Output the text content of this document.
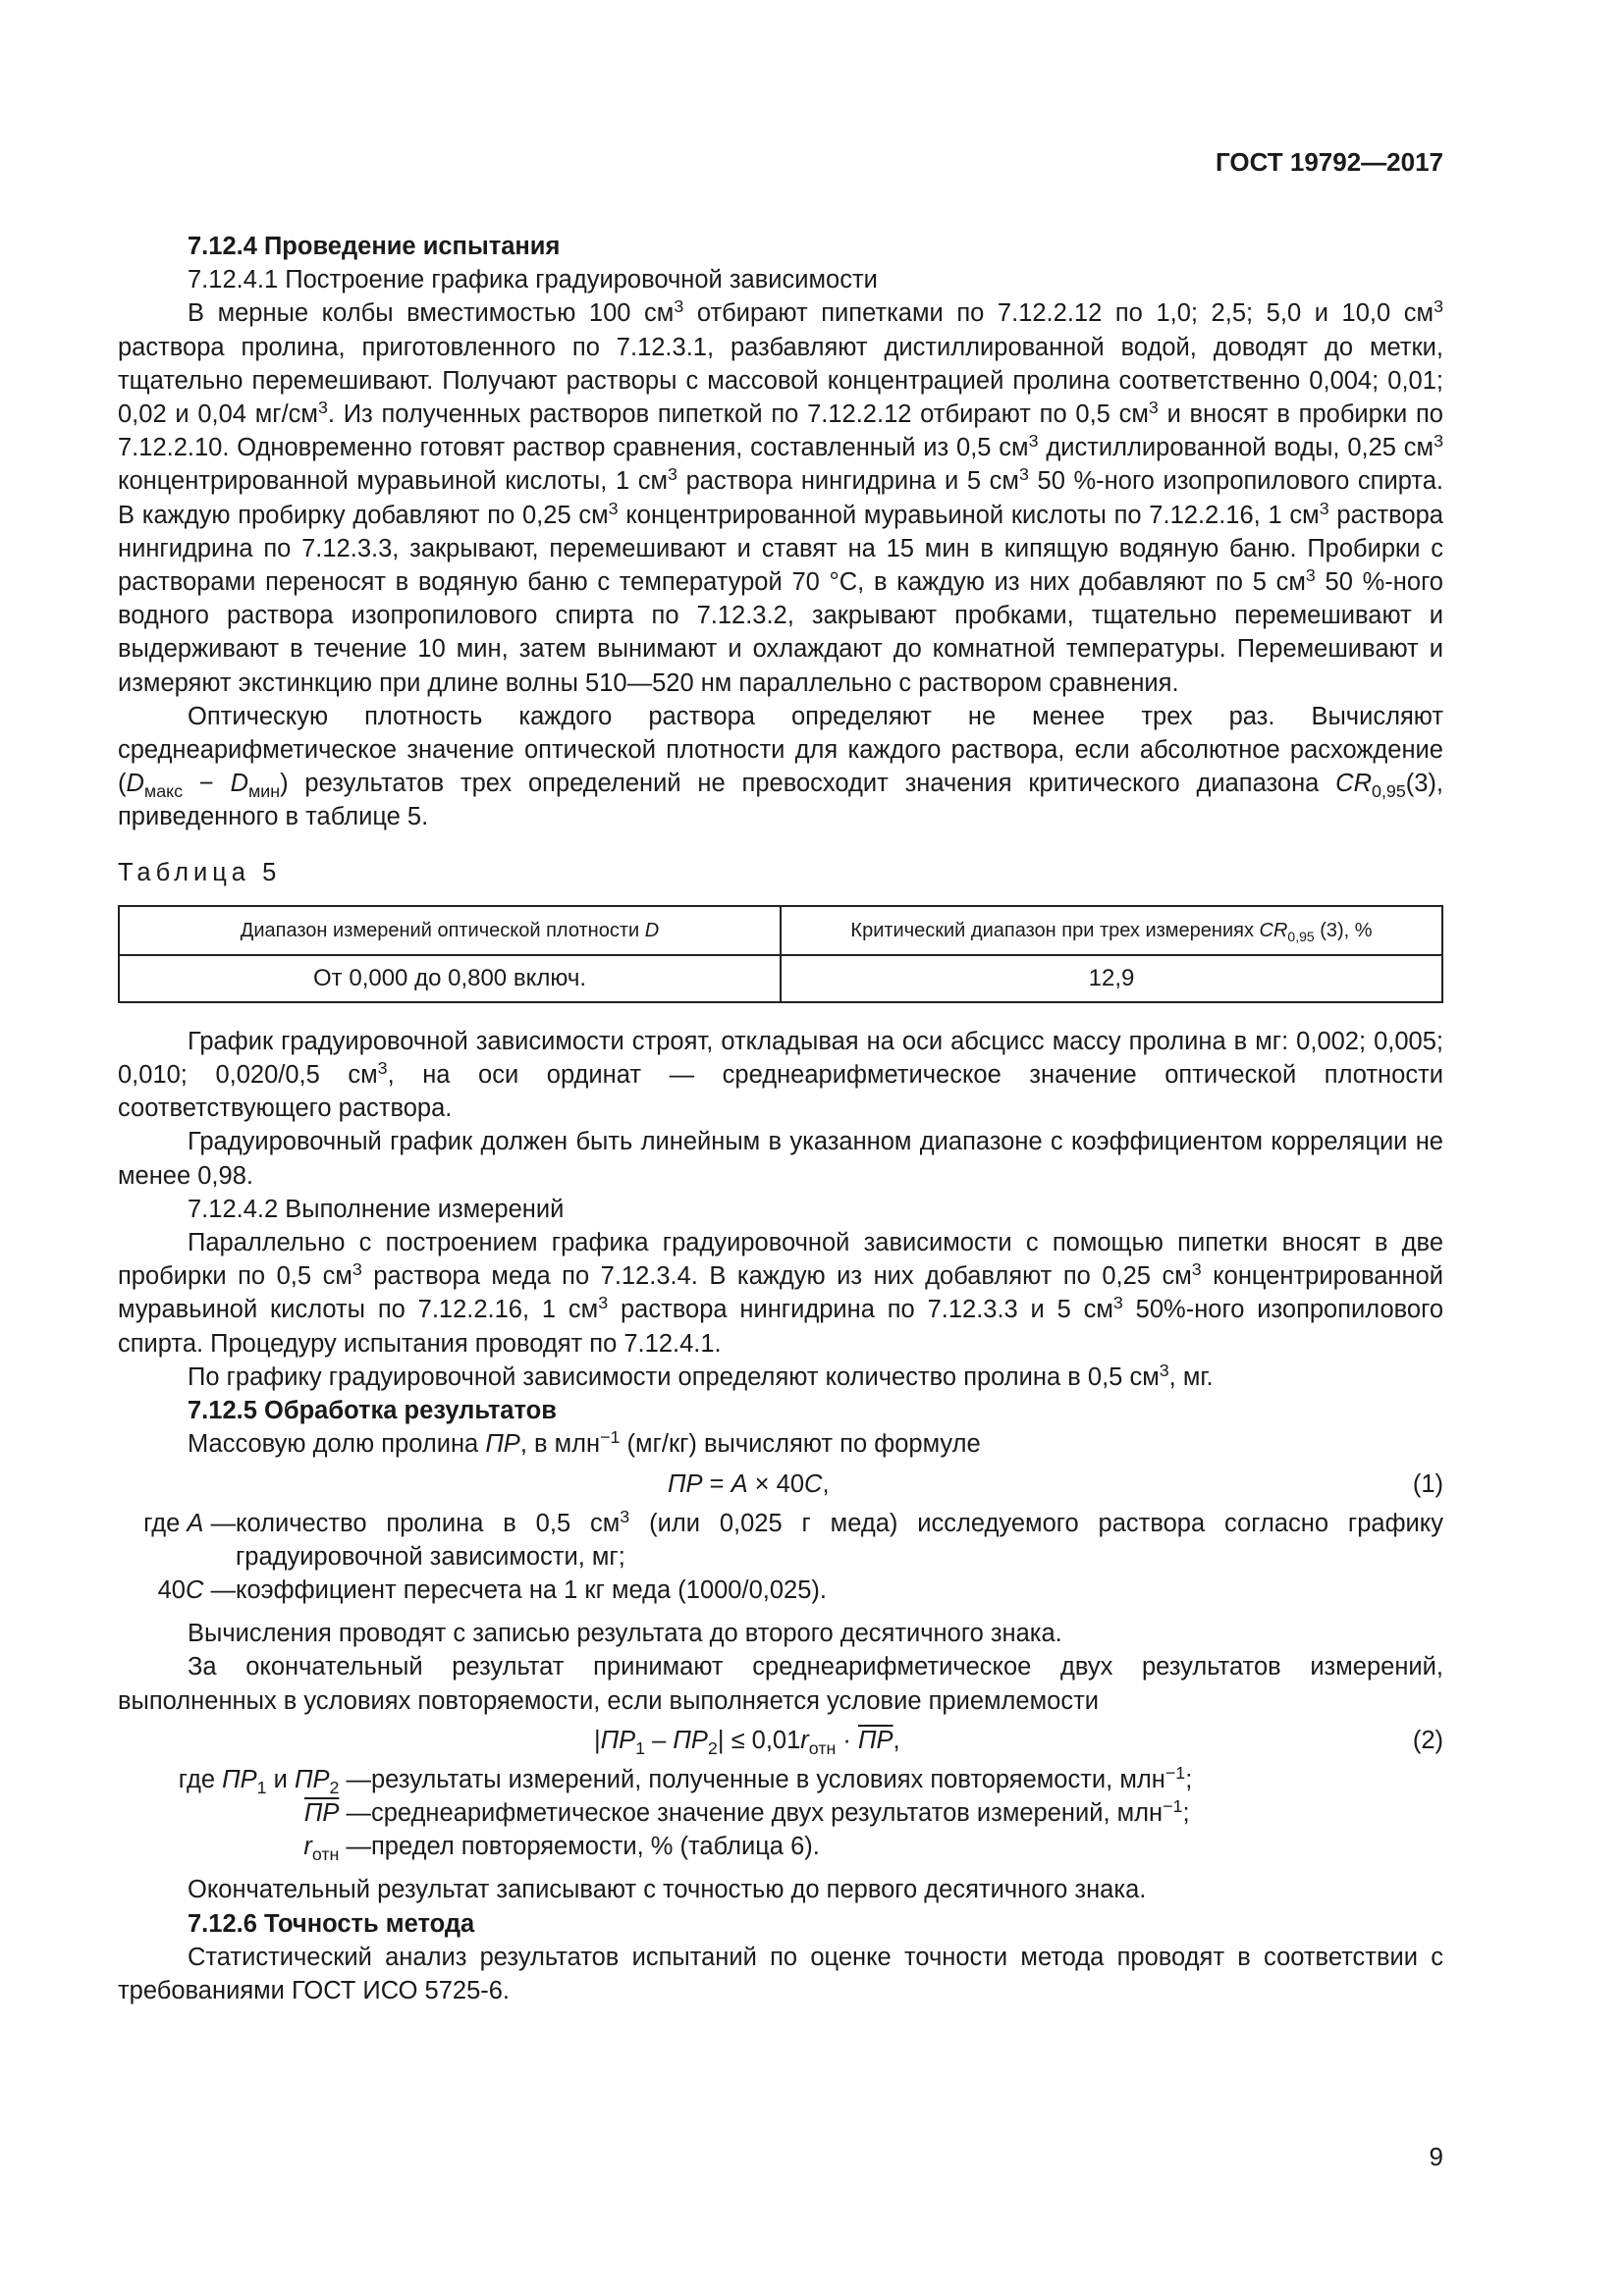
ГОСТ 19792—2017

7.12.4 Проведение испытания

7.12.4.1 Построение графика градуировочной зависимости

В мерные колбы вместимостью 100 $см^3$ отбирают пипетками по 7.12.2.12 по 1,0; 2,5; 5,0 и 10,0 $см^3$ раствора пролина, приготовленного по 7.12.3.1, разбавляют дистиллированной водой, доводят до метки, тщательно перемешивают. Получают растворы с массовой концентрацией пролина соответственно 0,004; 0,01; 0,02 и 0,04 $мг/см^3$. Из полученных растворов пипеткой по 7.12.2.12 отбирают по 0,5 $см^3$ и вносят в пробирки по 7.12.2.10. Одновременно готовят раствор сравнения, составленный из 0,5 $см^3$ дистиллированной воды, 0,25 $см^3$ концентрированной муравьиной кислоты, 1 $см^3$ раствора нингидрина и 5 $см^3$ 50 %-ного изопропилового спирта. В каждую пробирку добавляют по 0,25 $см^3$ концентрированной муравьиной кислоты по 7.12.2.16, 1 $см^3$ раствора нингидрина по 7.12.3.3, закрывают, перемешивают и ставят на 15 мин в кипящую водяную баню. Пробирки с растворами переносят в водяную баню с температурой 70 °С, в каждую из них добавляют по 5 $см^3$ 50 %-ного водного раствора изопропилового спирта по 7.12.3.2, закрывают пробками, тщательно перемешивают и выдерживают в течение 10 мин, затем вынимают и охлаждают до комнатной температуры. Перемешивают и измеряют экстинкцию при длине волны 510—520 нм параллельно с раствором сравнения.

Оптическую плотность каждого раствора определяют не менее трех раз. Вычисляют среднеарифметическое значение оптической плотности для каждого раствора, если абсолютное расхождение $(D_{макс} - D_{мин})$ результатов трех определений не превосходит значения критического диапазона $CR_{0,95}(3)$, приведенного в таблице 5.

Таблица 5

Диапазон измерений оптической плотности D	Критический диапазон при трех измерениях $CR_{0,95}$ (3), %
От 0,000 до 0,800 включ.	12,9

График градуировочной зависимости строят, откладывая на оси абсцисс массу пролина в мг: 0,002; 0,005; 0,010; 0,020/0,5 $см^3$, на оси ординат — среднеарифметическое значение оптической плотности соответствующего раствора.

Градуировочный график должен быть линейным в указанном диапазоне с коэффициентом корреляции не менее 0,98.

7.12.4.2 Выполнение измерений

Параллельно с построением графика градуировочной зависимости с помощью пипетки вносят в две пробирки по 0,5 $см^3$ раствора меда по 7.12.3.4. В каждую из них добавляют по 0,25 $см^3$ концентрированной муравьиной кислоты по 7.12.2.16, 1 $см^3$ раствора нингидрина по 7.12.3.3 и 5 $см^3$ 50%-ного изопропилового спирта. Процедуру испытания проводят по 7.12.4.1.

По графику градуировочной зависимости определяют количество пролина в 0,5 $см^3$, мг.

7.12.5 Обработка результатов

Массовую долю пролина ПР, в млн$^{-1}$ (мг/кг) вычисляют по формуле

ПР = A × 40C,	(1)
где A — количество пролина в 0,5 $см^3$ (или 0,025 г меда) исследуемого раствора согласно графику градуировочной зависимости, мг;
40C — коэффициент пересчета на 1 кг меда (1000/0,025).

Вычисления проводят с записью результата до второго десятичного знака.

За окончательный результат принимают среднеарифметическое двух результатов измерений, выполненных в условиях повторяемости, если выполняется условие приемлемости

$|ПР_1 - ПР_2| \le 0,01r_{отн}$ · ПР,	(2)
где $ПР_1$ и $ПР_2$ — результаты измерений, полученные в условиях повторяемости, млн$^{-1}$;
ПР — среднеарифметическое значение двух результатов измерений, млн$^{-1}$;
$r_{отн}$ — предел повторяемости, % (таблица 6).

Окончательный результат записывают с точностью до первого десятичного знака.

7.12.6 Точность метода

Статистический анализ результатов испытаний по оценке точности метода проводят в соответствии с требованиями ГОСТ ИСО 5725-6.

9
